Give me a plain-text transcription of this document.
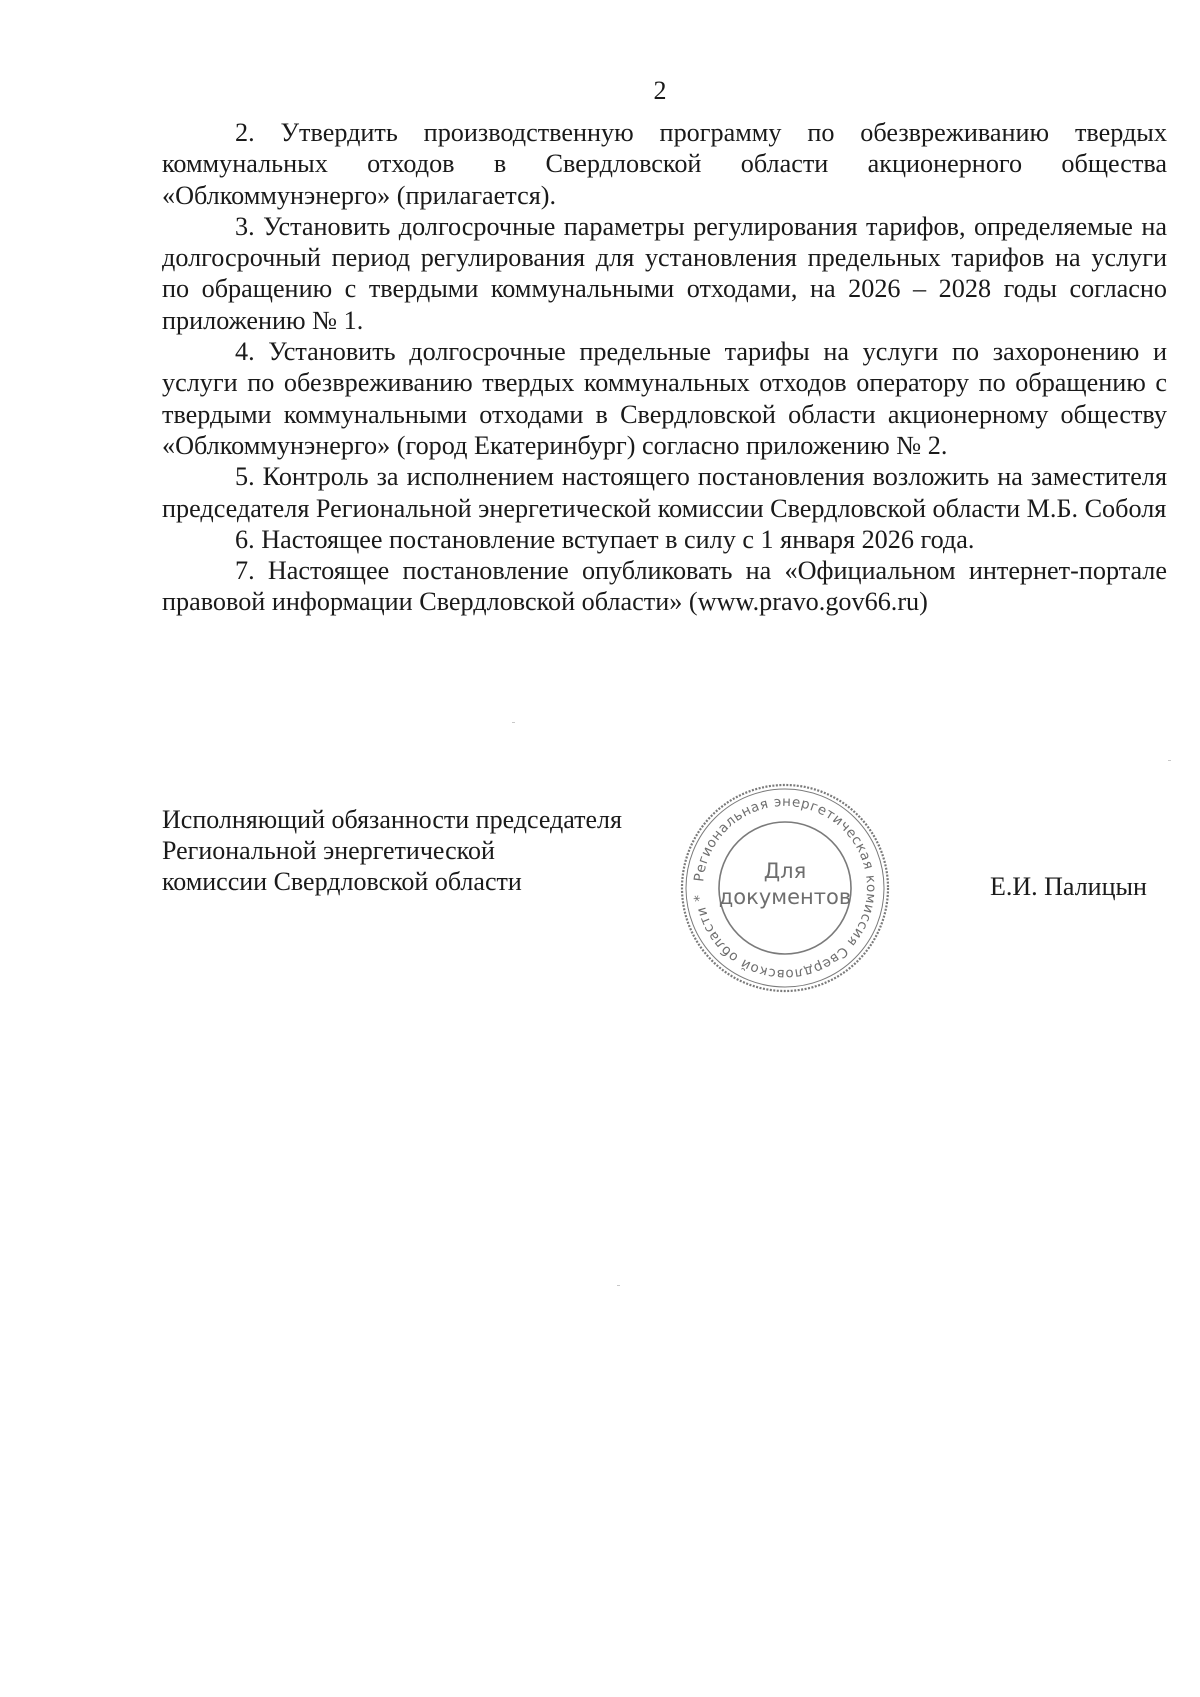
2

2. Утвердить производственную программу по обезвреживанию твердых коммунальных отходов в Свердловской области акционерного общества «Облкоммунэнерго» (прилагается).

3. Установить долгосрочные параметры регулирования тарифов, определяемые на долгосрочный период регулирования для установления предельных тарифов на услуги по обращению с твердыми коммунальными отходами, на 2026 – 2028 годы согласно приложению № 1.

4. Установить долгосрочные предельные тарифы на услуги по захоронению и услуги по обезвреживанию твердых коммунальных отходов оператору по обращению с твердыми коммунальными отходами в Свердловской области акционерному обществу «Облкоммунэнерго» (город Екатеринбург) согласно приложению № 2.

5. Контроль за исполнением настоящего постановления возложить на заместителя председателя Региональной энергетической комиссии Свердловской области М.Б. Соболя

6. Настоящее постановление вступает в силу с 1 января 2026 года.

7. Настоящее постановление опубликовать на «Официальном интернет-портале правовой информации Свердловской области» (www.pravo.gov66.ru)

Исполняющий обязанности председателя
Региональной энергетической
комиссии Свердловской области	Региональная энергетическая комиссия Свердловской области *
Для
документов	Е.И. Палицын
